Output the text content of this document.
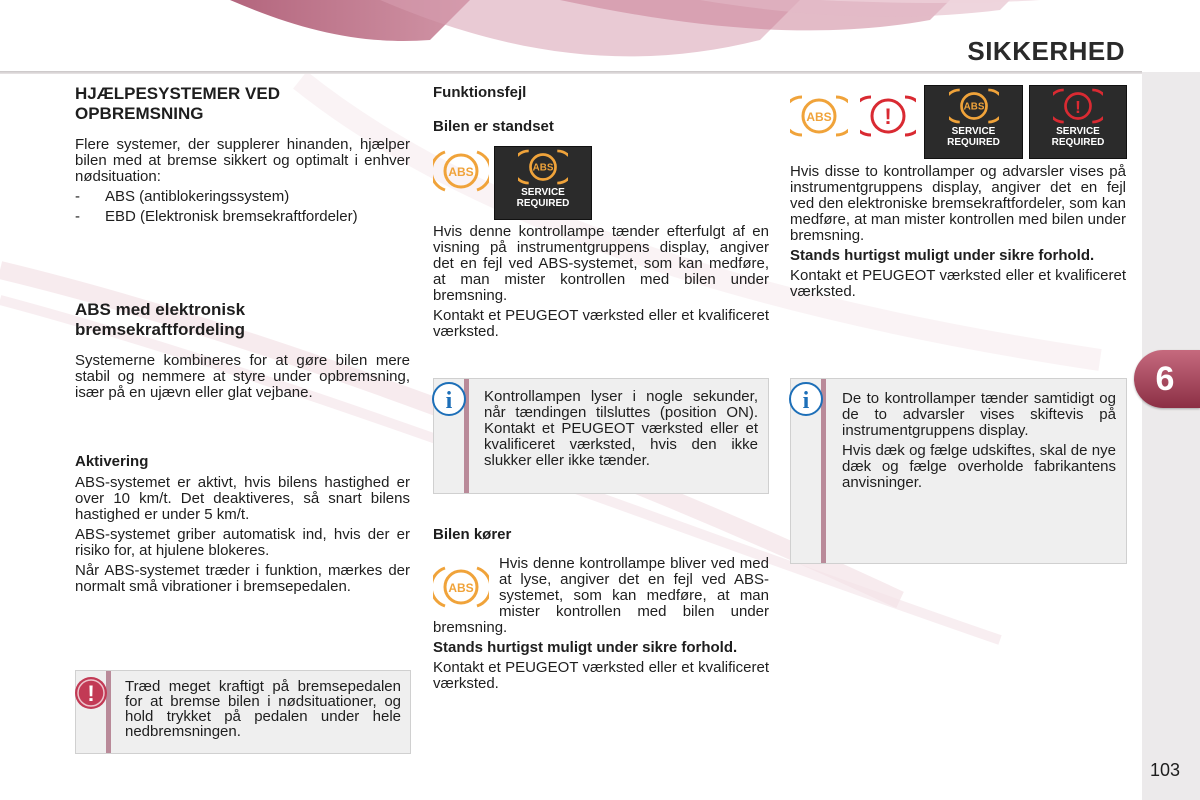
SIKKERHED
6
103
HJÆLPESYSTEMER VED OPBREMSNING

Flere systemer, der supplerer hinanden, hjælper bilen med at bremse sikkert og optimalt i enhver nødsituation:

- ABS (antiblokeringssystem)
- EBD (Elektronisk bremsekraftfordeler)
ABS med elektronisk bremsekraftfordeling

Systemerne kombineres for at gøre bilen mere stabil og nemmere at styre under opbremsning, især på en ujævn eller glat vejbane.

Aktivering

ABS-systemet er aktivt, hvis bilens hastighed er over 10 km/t. Det deaktiveres, så snart bilens hastighed er under 5 km/t.

ABS-systemet griber automatisk ind, hvis der er risiko for, at hjulene blokeres.

Når ABS-systemet træder i funktion, mærkes der normalt små vibrationer i bremsepedalen.

! Træd meget kraftigt på bremsepedalen for at bremse bilen i nødsituationer, og hold trykket på pedalen under hele nedbremsningen.

Funktionsfejl
Bilen er standset
ABS	ABS
SERVICE
REQUIRED

Hvis denne kontrollampe tænder efterfulgt af en visning på instrumentgruppens display, angiver det en fejl ved ABS-systemet, som kan medføre, at man mister kontrollen med bilen under bremsning.

Kontakt et PEUGEOT værksted eller et kvalificeret værksted.

i Kontrollampen lyser i nogle sekunder, når tændingen tilsluttes (position ON). Kontakt et PEUGEOT værksted eller et kvalificeret værksted, hvis den ikke slukker eller ikke tænder.

Bilen kører
ABS

Hvis denne kontrollampe bliver ved med at lyse, angiver det en fejl ved ABS-systemet, som kan medføre, at man mister kontrollen med bilen under bremsning.

Stands hurtigst muligt under sikre forhold.

Kontakt et PEUGEOT værksted eller et kvalificeret værksted.

ABS !	ABS
SERVICE
REQUIRED
!
SERVICE
REQUIRED

Hvis disse to kontrollamper og advarsler vises på instrumentgruppens display, angiver det en fejl ved den elektroniske bremsekraftfordeler, som kan medføre, at man mister kontrollen med bilen under bremsning.

Stands hurtigst muligt under sikre forhold.

Kontakt et PEUGEOT værksted eller et kvalificeret værksted.

i De to kontrollamper tænder samtidigt og de to advarsler vises skiftevis på instrumentgruppens display.

Hvis dæk og fælge udskiftes, skal de nye dæk og fælge overholde fabrikantens anvisninger.
